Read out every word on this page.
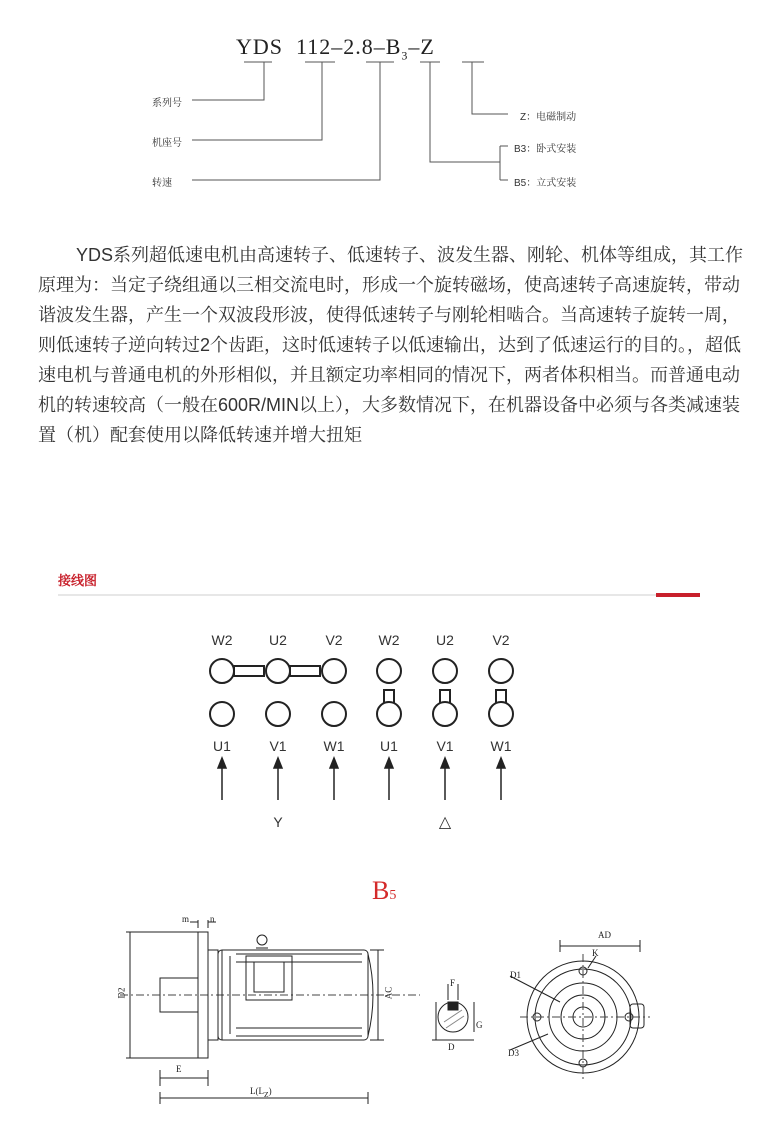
YDS $112-2.8-B_3-Z$
系列号
机座号
转速
Z：电磁制动
B3：卧式安装
B5：立式安装
YDS系列超低速电机由高速转子、低速转子、波发生器、刚轮、机体等组成，其工作原理为：当定子绕组通以三相交流电时，形成一个旋转磁场，使高速转子高速旋转，带动谐波发生器，产生一个双波段形波，使得低速转子与刚轮相啮合。当高速转子旋转一周，则低速转子逆向转过2个齿距，这时低速转子以低速输出，达到了低速运行的目的。，超低速电机与普通电机的外形相似，并且额定功率相同的情况下，两者体积相当。而普通电动机的转速较高（一般在600R/MIN以上），大多数情况下，在机器设备中必须与各类减速装置（机）配套使用以降低转速并增大扭矩
接线图
W2	U2	V2	W2	U2	V2
U1	V1	W1	U1	V1	W1
Y	△
B5
m n
D2	AC
E
$L(L_Z)$
F
G
D
AD
K
D1
D3
